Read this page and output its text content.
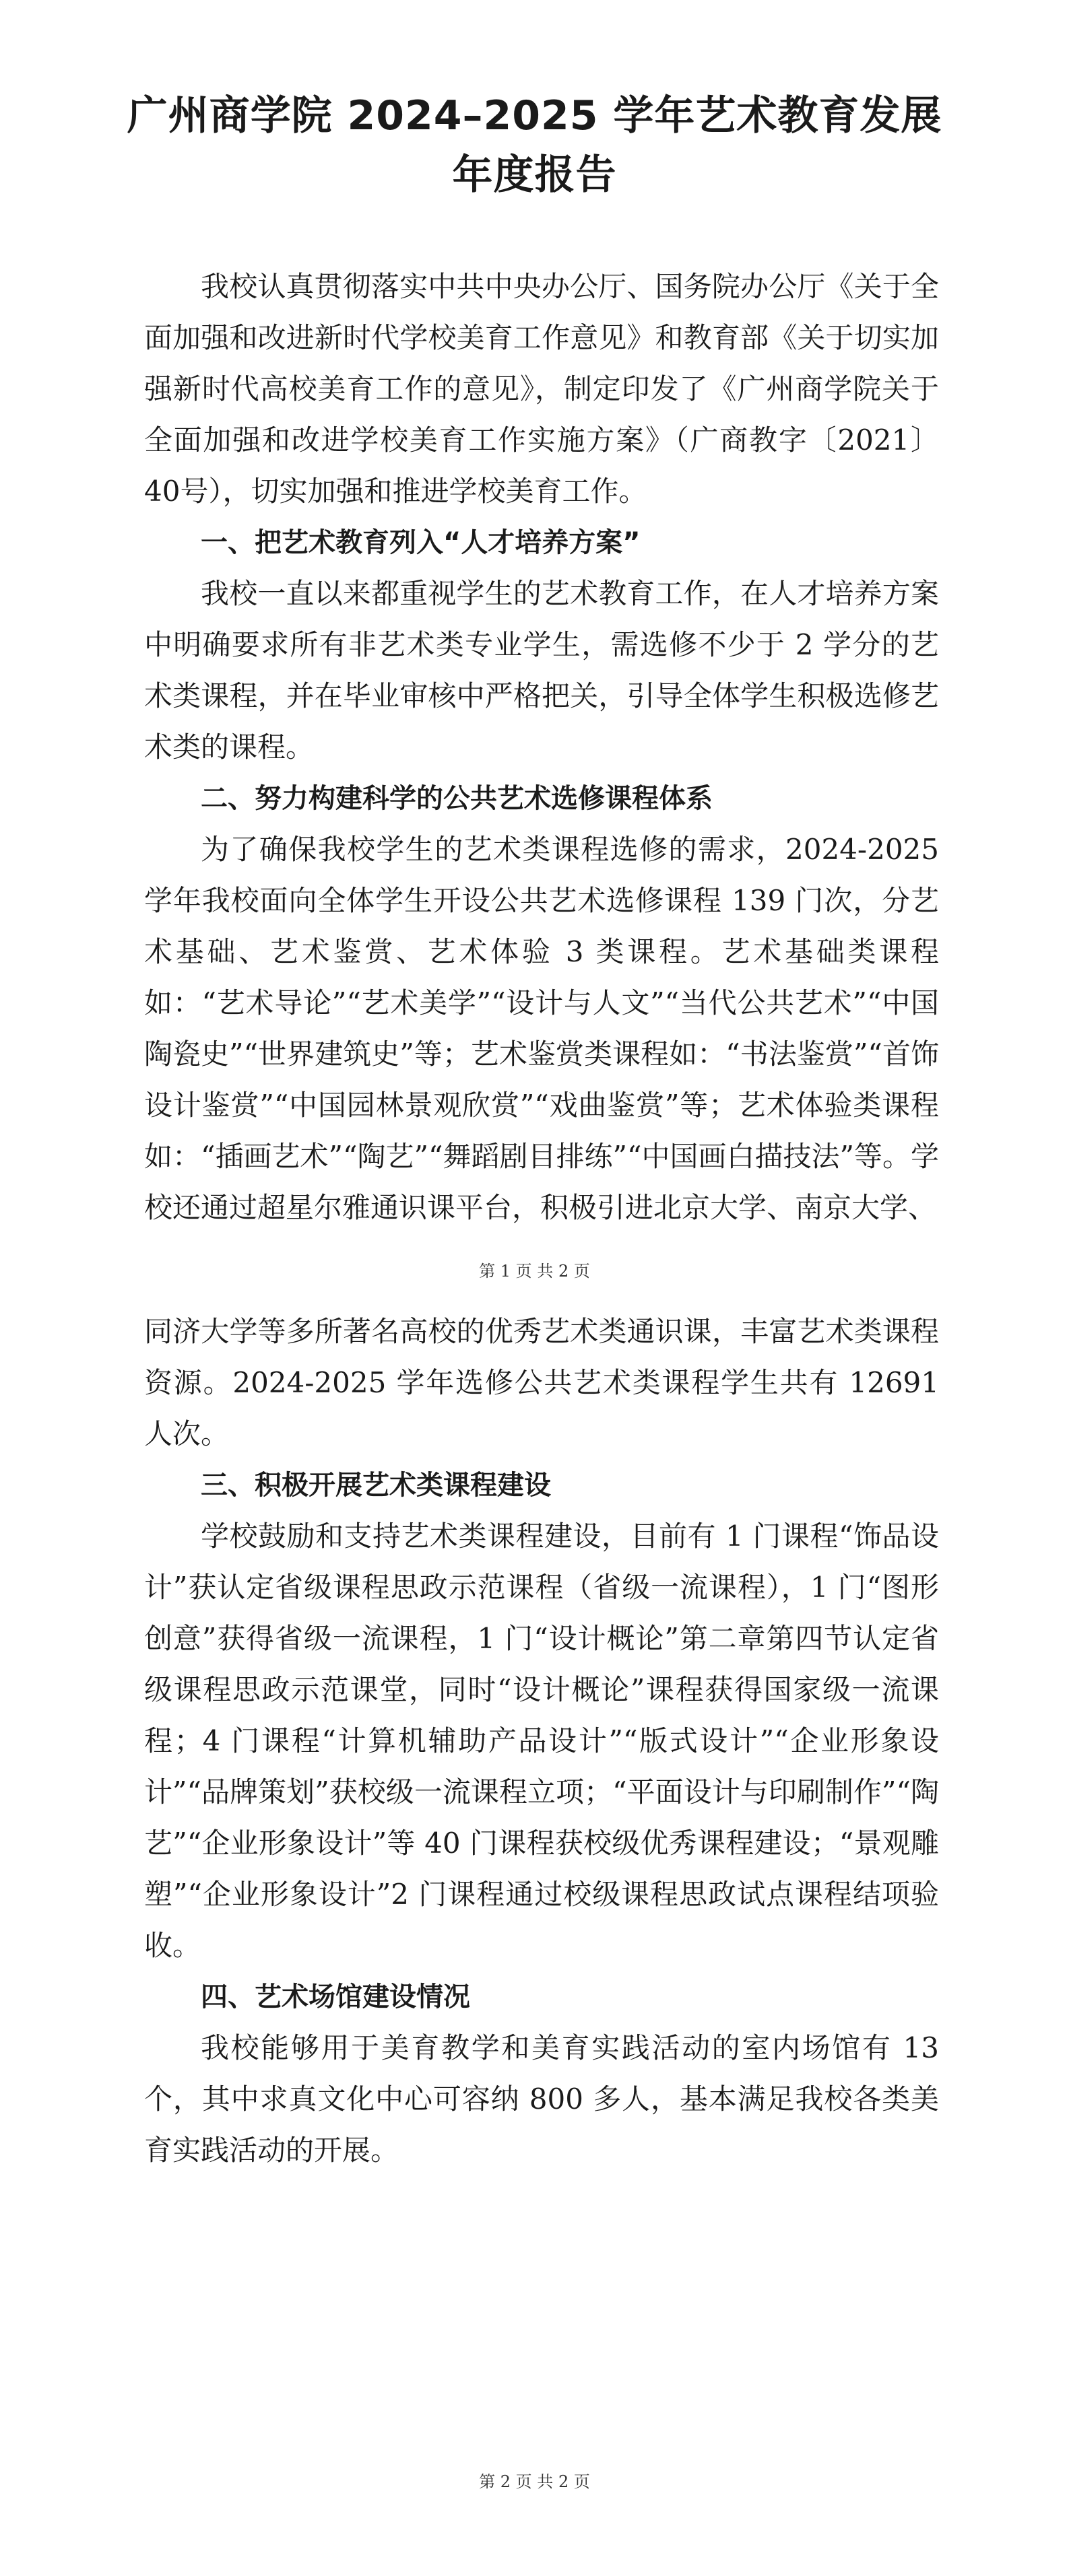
广州商学院 2024–2025 学年艺术教育发展
年度报告

我校认真贯彻落实中共中央办公厅、国务院办公厅《关于全面加强和改进新时代学校美育工作意见》和教育部《关于切实加强新时代高校美育工作的意见》，制定印发了《广州商学院关于全面加强和改进学校美育工作实施方案》（广商教字〔2021〕40号），切实加强和推进学校美育工作。

一、把艺术教育列入“人才培养方案”

我校一直以来都重视学生的艺术教育工作，在人才培养方案中明确要求所有非艺术类专业学生，需选修不少于 2 学分的艺术类课程，并在毕业审核中严格把关，引导全体学生积极选修艺术类的课程。

二、努力构建科学的公共艺术选修课程体系

为了确保我校学生的艺术类课程选修的需求，2024-2025 学年我校面向全体学生开设公共艺术选修课程 139 门次，分艺术基础、艺术鉴赏、艺术体验 3 类课程。艺术基础类课程如：“艺术导论”“艺术美学”“设计与人文”“当代公共艺术”“中国陶瓷史”“世界建筑史”等；艺术鉴赏类课程如：“书法鉴赏”“首饰设计鉴赏”“中国园林景观欣赏”“戏曲鉴赏”等；艺术体验类课程如：“插画艺术”“陶艺”“舞蹈剧目排练”“中国画白描技法”等。学校还通过超星尔雅通识课平台，积极引进北京大学、南京大学、

第 1 页 共 2 页

同济大学等多所著名高校的优秀艺术类通识课，丰富艺术类课程资源。2024-2025 学年选修公共艺术类课程学生共有 12691 人次。

三、积极开展艺术类课程建设

学校鼓励和支持艺术类课程建设，目前有 1 门课程“饰品设计”获认定省级课程思政示范课程（省级一流课程），1 门“图形创意”获得省级一流课程，1 门“设计概论”第二章第四节认定省级课程思政示范课堂，同时“设计概论”课程获得国家级一流课程；4 门课程“计算机辅助产品设计”“版式设计”“企业形象设计”“品牌策划”获校级一流课程立项；“平面设计与印刷制作”“陶艺”“企业形象设计”等 40 门课程获校级优秀课程建设；“景观雕塑”“企业形象设计”2 门课程通过校级课程思政试点课程结项验收。

四、艺术场馆建设情况

我校能够用于美育教学和美育实践活动的室内场馆有 13 个，其中求真文化中心可容纳 800 多人，基本满足我校各类美育实践活动的开展。

第 2 页 共 2 页
